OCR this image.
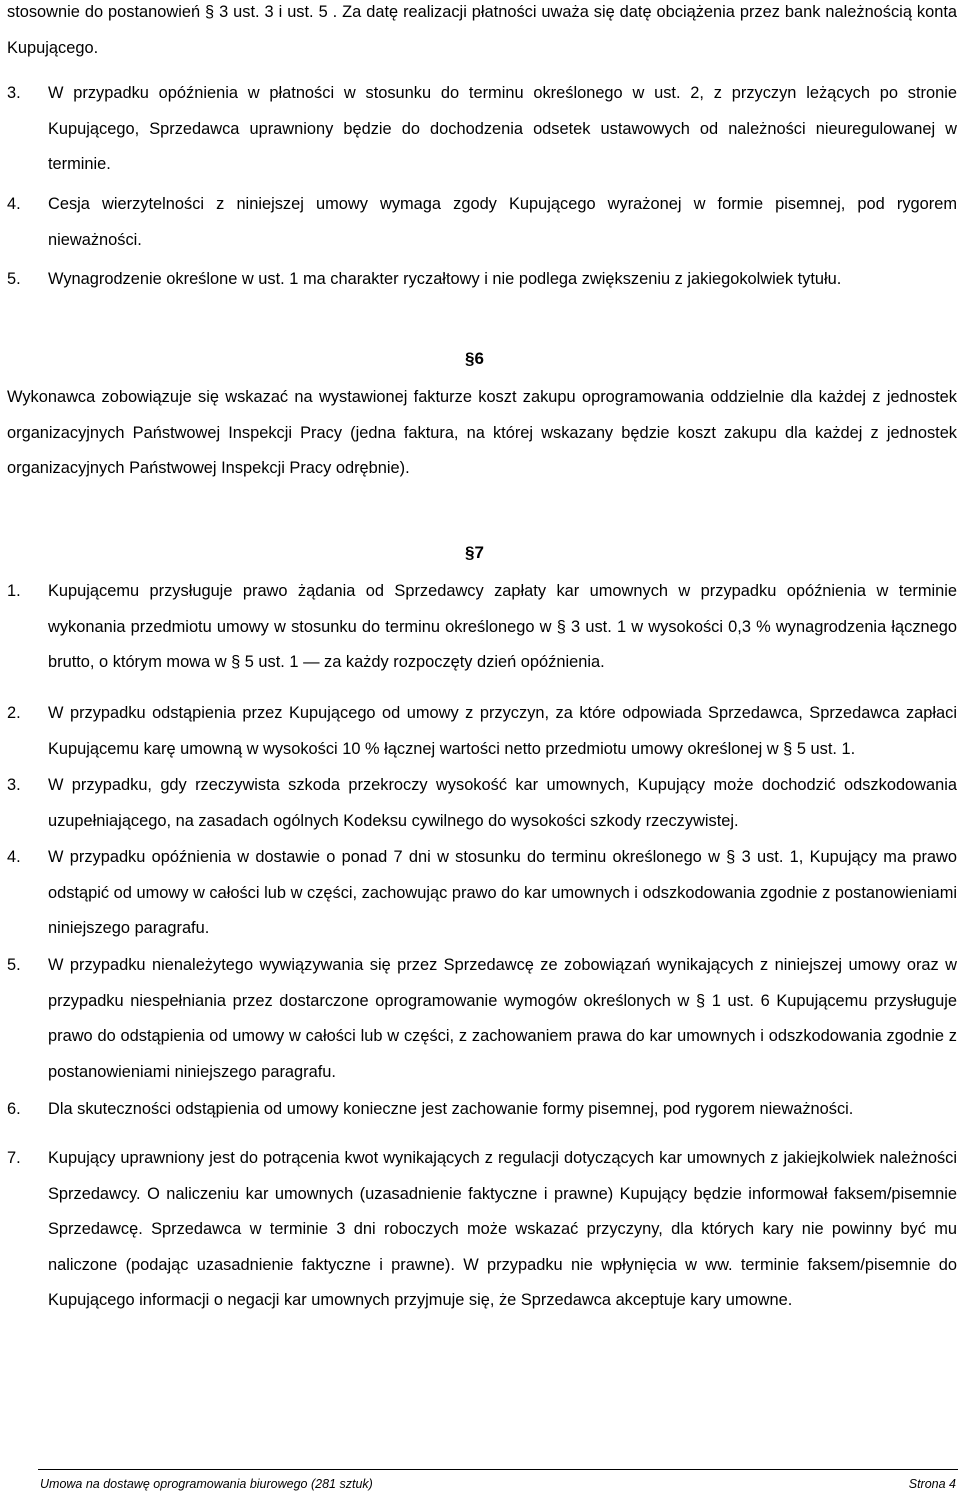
stosownie do postanowień § 3 ust. 3 i ust. 5 . Za datę realizacji płatności uważa się datę obciążenia przez bank należnością konta Kupującego.
3.	W przypadku opóźnienia w płatności w stosunku do terminu określonego w ust. 2, z przyczyn leżących po stronie Kupującego, Sprzedawca uprawniony będzie do dochodzenia odsetek ustawowych od należności nieuregulowanej w terminie.
4.	Cesja wierzytelności z niniejszej umowy wymaga zgody Kupującego wyrażonej w formie pisemnej, pod rygorem nieważności.
5.	Wynagrodzenie określone w ust. 1 ma charakter ryczałtowy i nie podlega zwiększeniu z jakiegokolwiek tytułu.
§6
Wykonawca zobowiązuje się wskazać na wystawionej fakturze koszt zakupu oprogramowania oddzielnie dla każdej z jednostek organizacyjnych Państwowej Inspekcji Pracy (jedna faktura, na której wskazany będzie koszt zakupu dla każdej z jednostek organizacyjnych Państwowej Inspekcji Pracy odrębnie).
§7
1.	Kupującemu przysługuje prawo żądania od Sprzedawcy zapłaty kar umownych w przypadku opóźnienia w terminie wykonania przedmiotu umowy w stosunku do terminu określonego w § 3 ust. 1 w wysokości 0,3 % wynagrodzenia łącznego brutto, o którym mowa w § 5 ust. 1 — za każdy rozpoczęty dzień opóźnienia.
2.	W przypadku odstąpienia przez Kupującego od umowy z przyczyn, za które odpowiada Sprzedawca, Sprzedawca zapłaci Kupującemu karę umowną w wysokości 10 % łącznej wartości netto przedmiotu umowy określonej w § 5 ust. 1.
3.	W przypadku, gdy rzeczywista szkoda przekroczy wysokość kar umownych, Kupujący może dochodzić odszkodowania uzupełniającego, na zasadach ogólnych Kodeksu cywilnego do wysokości szkody rzeczywistej.
4.	W przypadku opóźnienia w dostawie o ponad 7 dni w stosunku do terminu określonego w § 3 ust. 1, Kupujący ma prawo odstąpić od umowy w całości lub w części, zachowując prawo do kar umownych i odszkodowania zgodnie z postanowieniami niniejszego paragrafu.
5.	W przypadku nienależytego wywiązywania się przez Sprzedawcę ze zobowiązań wynikających z niniejszej umowy oraz w przypadku niespełniania przez dostarczone oprogramowanie wymogów określonych w § 1 ust. 6 Kupującemu przysługuje prawo do odstąpienia od umowy w całości lub w części, z zachowaniem prawa do kar umownych i odszkodowania zgodnie z postanowieniami niniejszego paragrafu.
6.	Dla skuteczności odstąpienia od umowy konieczne jest zachowanie formy pisemnej, pod rygorem nieważności.
7.	Kupujący uprawniony jest do potrącenia kwot wynikających z regulacji dotyczących kar umownych z jakiejkolwiek należności Sprzedawcy. O naliczeniu kar umownych (uzasadnienie faktyczne i prawne) Kupujący będzie informował faksem/pisemnie Sprzedawcę. Sprzedawca w terminie 3 dni roboczych może wskazać przyczyny, dla których kary nie powinny być mu naliczone (podając uzasadnienie faktyczne i prawne). W przypadku nie wpłynięcia w ww. terminie faksem/pisemnie do Kupującego informacji o negacji kar umownych przyjmuje się, że Sprzedawca akceptuje kary umowne.
Umowa na dostawę oprogramowania biurowego (281 sztuk)	Strona 4
